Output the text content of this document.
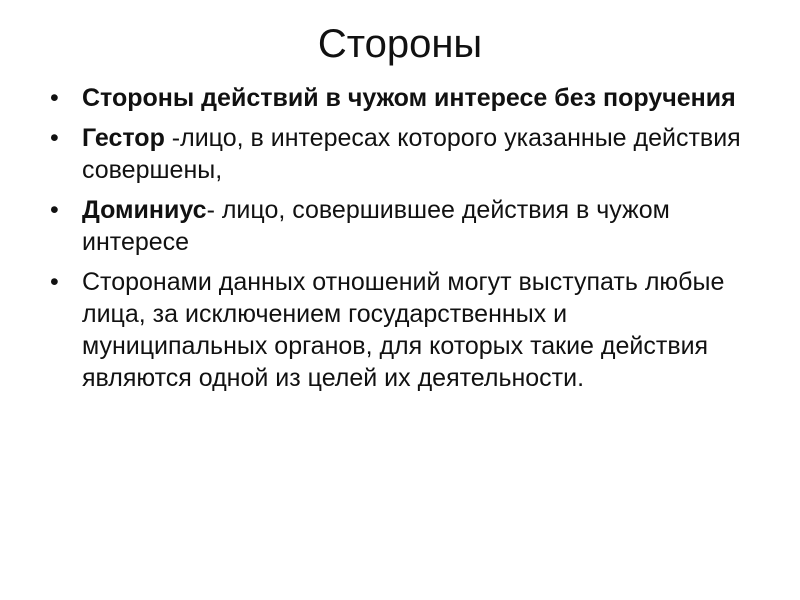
Стороны
• Стороны действий в чужом интересе без поручения
• Гестор -лицо, в интересах которого указанные действия совершены,
• Доминиус- лицо, совершившее действия в чужом интересе
• Сторонами данных отношений могут выступать любые лица, за исключением государственных и муниципальных органов, для которых такие действия являются одной из целей их деятельности.
